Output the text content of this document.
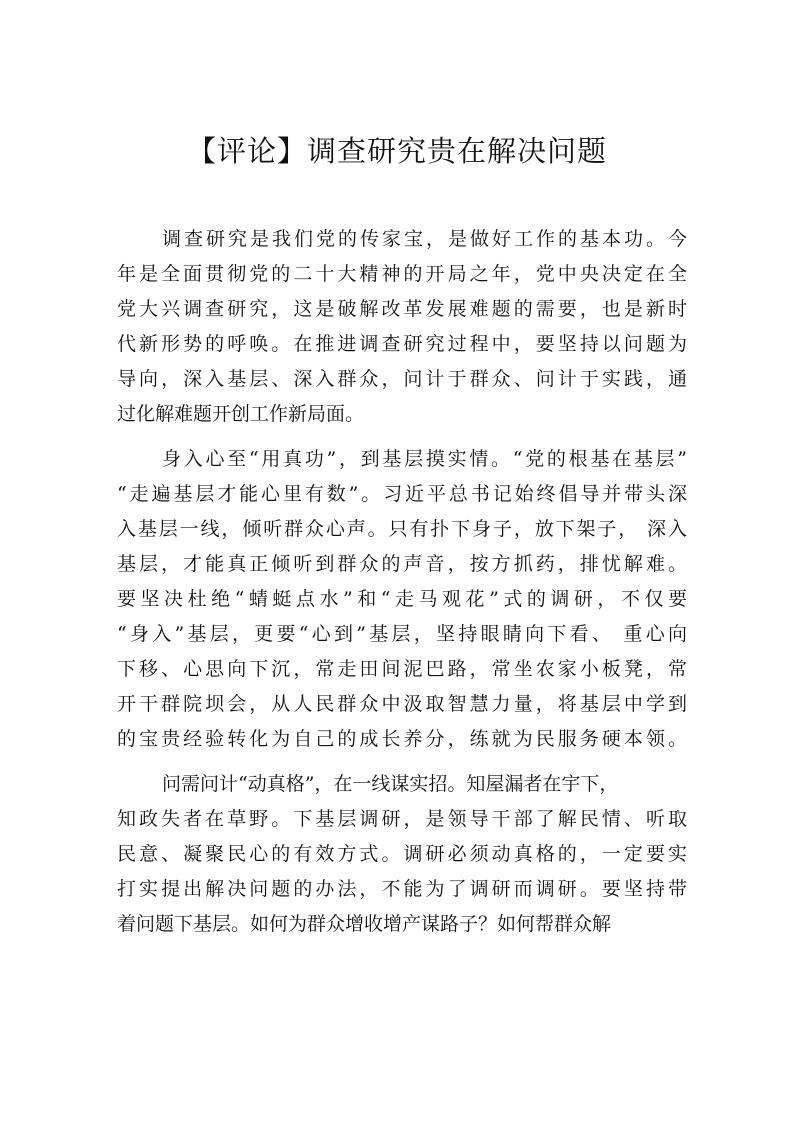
【评论】调查研究贵在解决问题

调查研究是我们党的传家宝，是做好工作的基本功。今

年是全面贯彻党的二十大精神的开局之年，党中央决定在全

党大兴调查研究，这是破解改革发展难题的需要，也是新时

代新形势的呼唤。在推进调查研究过程中，要坚持以问题为

导向，深入基层、深入群众，问计于群众、问计于实践，通

过化解难题开创工作新局面。

身入心至“用真功”，到基层摸实情。“党的根基在基层”

“走遍基层才能心里有数”。习近平总书记始终倡导并带头深

入基层一线，倾听群众心声。只有扑下身子，放下架子， 深入

基层，才能真正倾听到群众的声音，按方抓药，排忧解难。

要坚决杜绝“蜻蜓点水”和“走马观花”式的调研，不仅要

“身入”基层，更要“心到”基层，坚持眼睛向下看、 重心向

下移、心思向下沉，常走田间泥巴路，常坐农家小板凳，常

开干群院坝会，从人民群众中汲取智慧力量，将基层中学到

的宝贵经验转化为自己的成长养分，练就为民服务硬本领。

问需问计“动真格”，在一线谋实招。知屋漏者在宇下，

知政失者在草野。下基层调研，是领导干部了解民情、听取

民意、凝聚民心的有效方式。调研必须动真格的，一定要实

打实提出解决问题的办法，不能为了调研而调研。要坚持带

着问题下基层。如何为群众增收增产谋路子？如何帮群众解
